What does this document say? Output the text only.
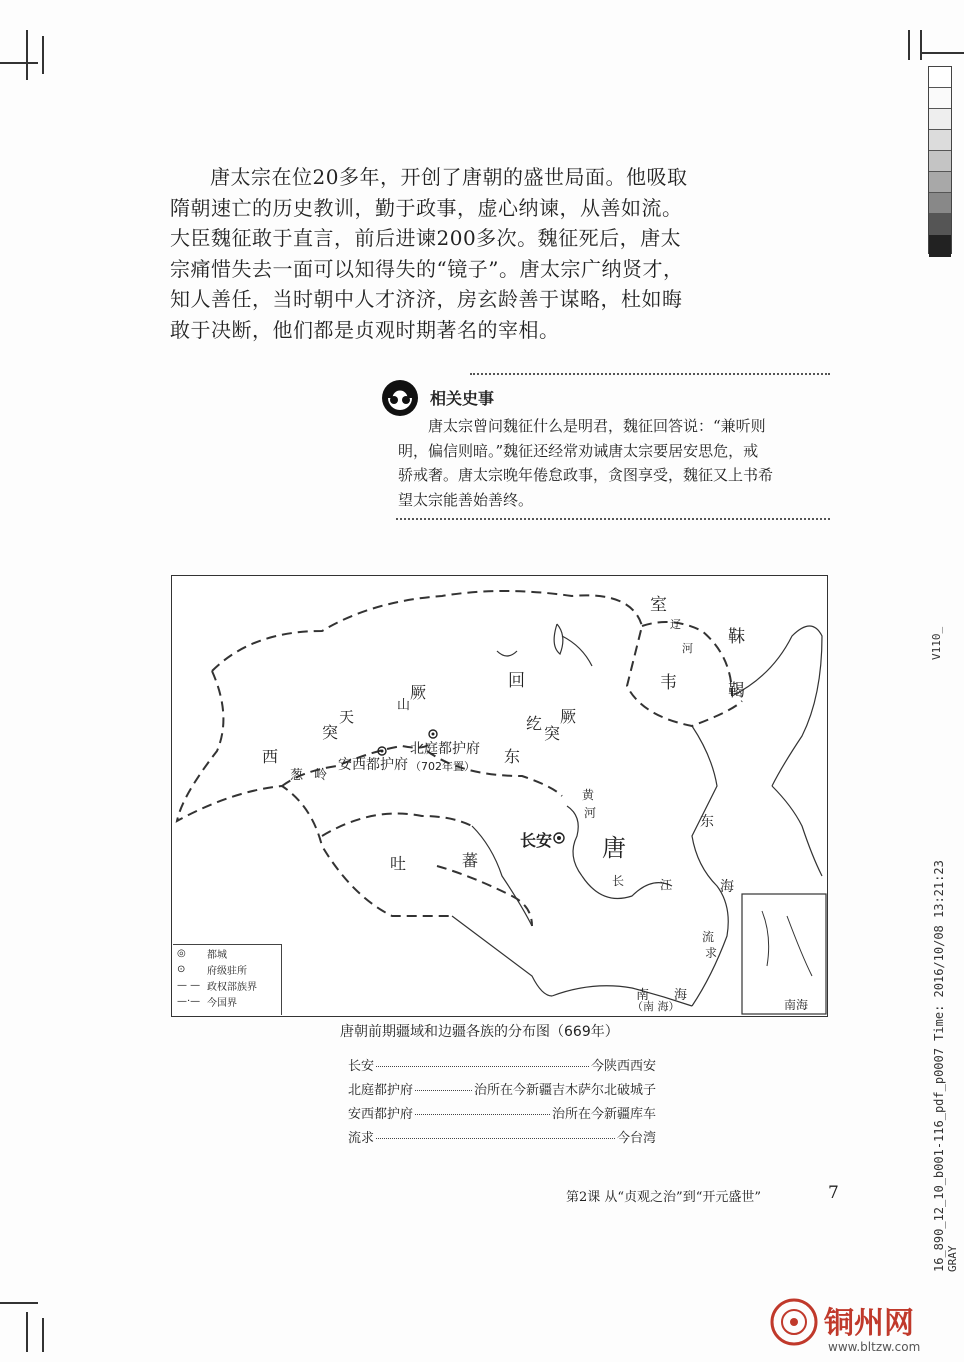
唐太宗在位20多年，开创了唐朝的盛世局面。他吸取
隋朝速亡的历史教训，勤于政事，虚心纳谏，从善如流。
大臣魏征敢于直言，前后进谏200多次。魏征死后，唐太
宗痛惜失去一面可以知得失的“镜子”。唐太宗广纳贤才，
知人善任，当时朝中人才济济，房玄龄善于谋略，杜如晦
敢于决断，他们都是贞观时期著名的宰相。
相关史事
唐太宗曾问魏征什么是明君，魏征回答说：“兼听则
明，偏信则暗。”魏征还经常劝诫唐太宗要居安思危，戒
骄戒奢。唐太宗晚年倦怠政事，贪图享受，魏征又上书希
望太宗能善始善终。
室
韦
靺
鞨
回
纥
突
厥
东
突
天
山
厥
西
葱 岭
北庭都护府
（702年置）
安西都护府
吐	蕃
长安 唐
黄
河
长	江
东
海
流
求
南 海
（南 海）
辽
河
南海
◎	都城
⊙	府级驻所
— — 政权部族界
—·— 今国界
唐朝前期疆域和边疆各族的分布图（669年）
长安	今陕西西安
北庭都护府	治所在今新疆吉木萨尔北破城子
安西都护府	治所在今新疆库车
流求	今台湾
第2课 从“贞观之治”到“开元盛世”	7
V110_
16_890_12_10_b001-116_pdf_p0007 Time: 2016/10/08 13:21:23 GRAY
铜州网
www.bltzw.com
